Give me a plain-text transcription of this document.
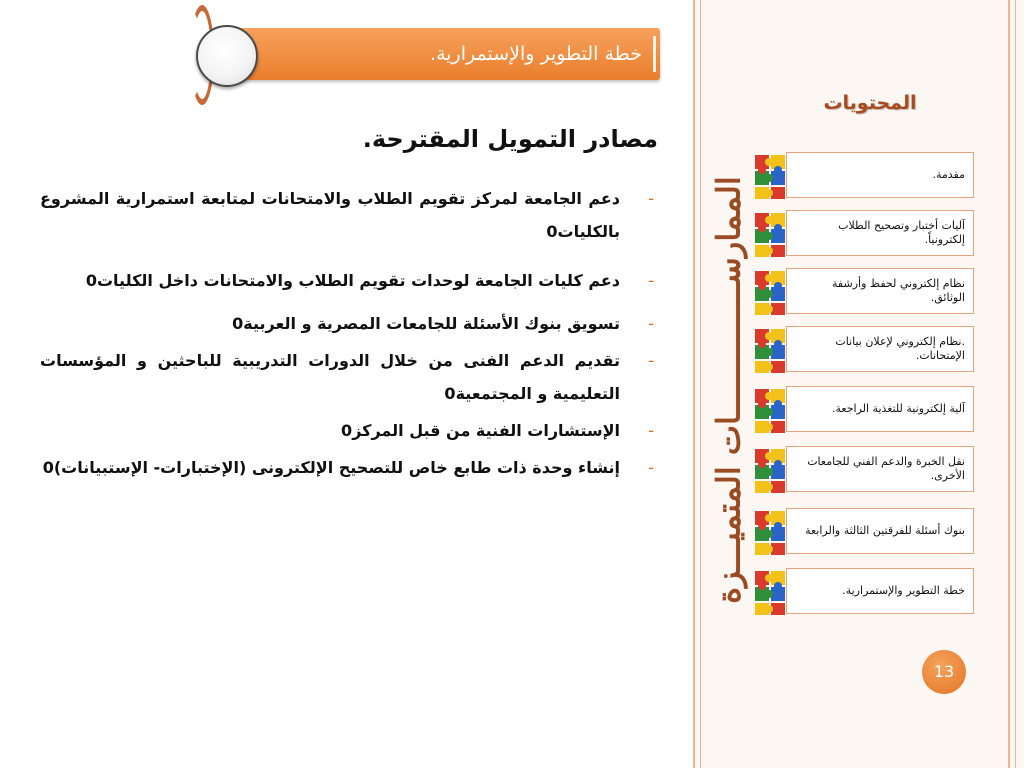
خطة التطوير والإستمرارية.
مصادر التمويل المقترحة.
-
دعم الجامعة لمركز تقويم الطلاب والامتحانات لمتابعة استمرارية المشروع بالكليات0
-
دعم كليات الجامعة لوحدات تقويم الطلاب والامتحانات داخل الكليات0
-
تسويق بنوك الأسئلة للجامعات المصرية و العربية0
-
تقديم الدعم الفنى من خلال الدورات التدريبية للباحثين و المؤسسات التعليمية و المجتمعية0
-
الإستشارات الفنية من قبل المركز0
-
إنشاء وحدة ذات طابع خاص للتصحيح الإلكترونى (الإختبارات- الإستبيانات)0	الممارســــــــــــــات المتميـــزة
المحتويات
مقدمة.
آليات أختبار وتصحيح الطلاب إلكترونياً.
نظام إلكتروني لحفظ وأرشفة الوثائق.
.نظام إلكتروني لإعلان بيانات الإمتحانات.
آلية إلكترونية للتغذية الراجعة.
نقل الخبرة والدعم الفني للجامعات الأخرى.
بنوك أسئلة للفرقتين الثالثة والرابعة
خطة التطوير والإستمرارية.
13
